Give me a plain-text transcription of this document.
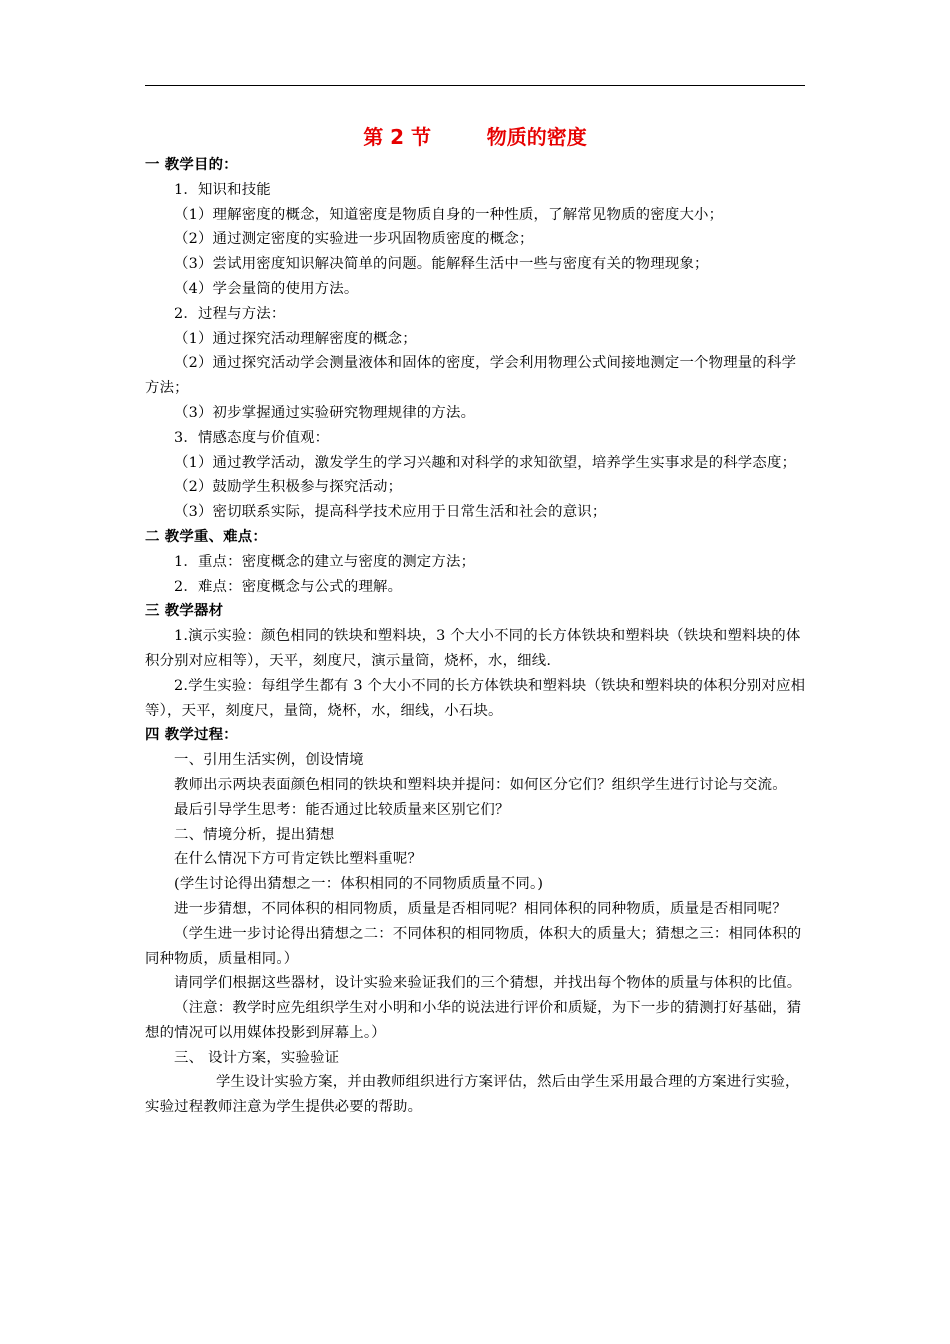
第 2 节        物质的密度

一 教学目的：

1．知识和技能

（1）理解密度的概念，知道密度是物质自身的一种性质，了解常见物质的密度大小；

（2）通过测定密度的实验进一步巩固物质密度的概念；

（3）尝试用密度知识解决简单的问题。能解释生活中一些与密度有关的物理现象；

（4）学会量筒的使用方法。

2．过程与方法：

（1）通过探究活动理解密度的概念；

（2）通过探究活动学会测量液体和固体的密度，学会利用物理公式间接地测定一个物理量的科学方法；

（3）初步掌握通过实验研究物理规律的方法。

3．情感态度与价值观：

（1）通过教学活动，激发学生的学习兴趣和对科学的求知欲望，培养学生实事求是的科学态度；

（2）鼓励学生积极参与探究活动；

（3）密切联系实际，提高科学技术应用于日常生活和社会的意识；

二 教学重、难点：

1．重点：密度概念的建立与密度的测定方法；

2．难点：密度概念与公式的理解。

三 教学器材

1.演示实验：颜色相同的铁块和塑料块，3 个大小不同的长方体铁块和塑料块（铁块和塑料块的体积分别对应相等），天平，刻度尺，演示量筒，烧杯，水，细线.

2.学生实验：每组学生都有 3 个大小不同的长方体铁块和塑料块（铁块和塑料块的体积分别对应相等），天平，刻度尺，量筒，烧杯，水，细线，小石块。

四 教学过程：

一、引用生活实例，创设情境

教师出示两块表面颜色相同的铁块和塑料块并提问：如何区分它们？组织学生进行讨论与交流。

最后引导学生思考：能否通过比较质量来区别它们？

二、情境分析，提出猜想

在什么情况下方可肯定铁比塑料重呢？

(学生讨论得出猜想之一：体积相同的不同物质质量不同。)

进一步猜想，不同体积的相同物质，质量是否相同呢？相同体积的同种物质，质量是否相同呢？

（学生进一步讨论得出猜想之二：不同体积的相同物质，体积大的质量大；猜想之三：相同体积的同种物质，质量相同。）

请同学们根据这些器材，设计实验来验证我们的三个猜想，并找出每个物体的质量与体积的比值。

（注意：教学时应先组织学生对小明和小华的说法进行评价和质疑，为下一步的猜测打好基础，猜想的情况可以用媒体投影到屏幕上。）

三、 设计方案，实验验证

学生设计实验方案，并由教师组织进行方案评估，然后由学生采用最合理的方案进行实验，实验过程教师注意为学生提供必要的帮助。
